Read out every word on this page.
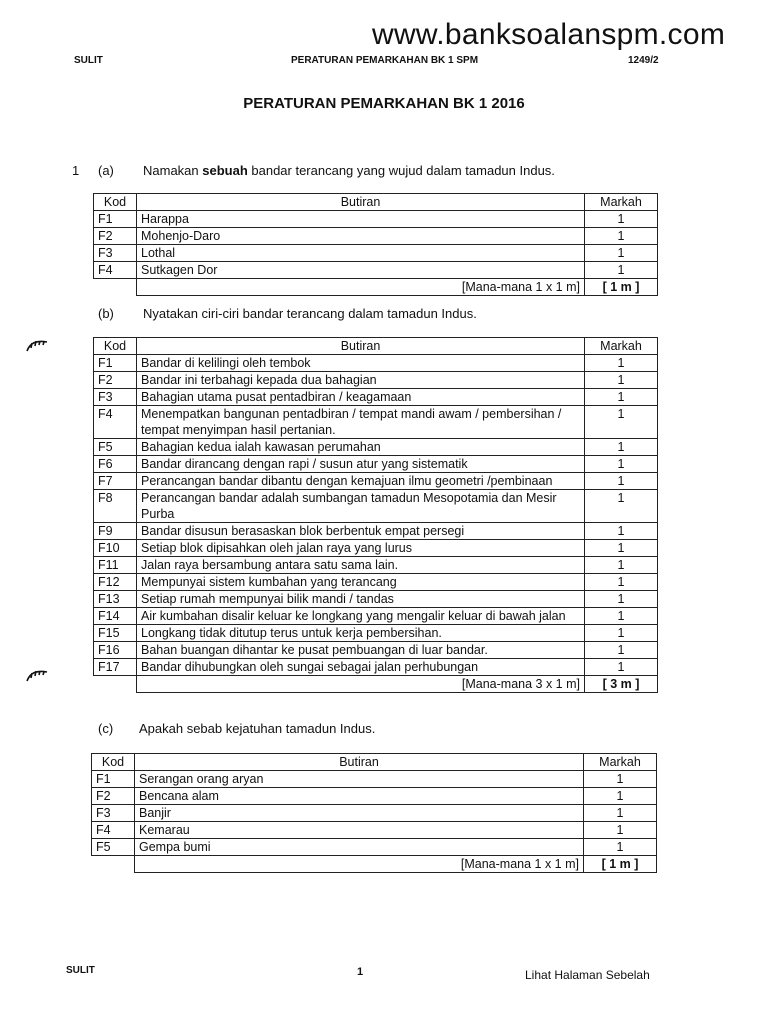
www.banksoalanspm.com
SULIT	PERATURAN PEMARKAHAN BK 1 SPM	1249/2
PERATURAN PEMARKAHAN BK 1 2016
1 (a) Namakan sebuah bandar terancang yang wujud dalam tamadun Indus.
Kod	Butiran	Markah
F1	Harappa	1
F2	Mohenjo-Daro	1
F3	Lothal	1
F4	Sutkagen Dor	1
	[Mana-mana 1 x 1 m]	[ 1 m ]
(b) Nyatakan ciri-ciri bandar terancang dalam tamadun Indus.
Kod	Butiran	Markah
F1	Bandar di kelilingi oleh tembok	1
F2	Bandar ini terbahagi kepada dua bahagian	1
F3	Bahagian utama pusat pentadbiran / keagamaan	1
F4	Menempatkan bangunan pentadbiran / tempat mandi awam / pembersihan / tempat menyimpan hasil pertanian.	1
F5	Bahagian kedua ialah kawasan perumahan	1
F6	Bandar dirancang dengan rapi / susun atur yang sistematik	1
F7	Perancangan bandar dibantu dengan kemajuan ilmu geometri /pembinaan	1
F8	Perancangan bandar adalah sumbangan tamadun Mesopotamia dan Mesir Purba	1
F9	Bandar disusun berasaskan blok berbentuk empat persegi	1
F10	Setiap blok dipisahkan oleh jalan raya yang lurus	1
F11	Jalan raya bersambung antara satu sama lain.	1
F12	Mempunyai sistem kumbahan yang terancang	1
F13	Setiap rumah mempunyai bilik mandi / tandas	1
F14	Air kumbahan disalir keluar ke longkang yang mengalir keluar di bawah jalan	1
F15	Longkang tidak ditutup terus untuk kerja pembersihan.	1
F16	Bahan buangan dihantar ke pusat pembuangan di luar bandar.	1
F17	Bandar dihubungkan oleh sungai sebagai jalan perhubungan	1
	[Mana-mana 3 x 1 m]	[ 3 m ]
(c) Apakah sebab kejatuhan tamadun Indus.
Kod	Butiran	Markah
F1	Serangan orang aryan	1
F2	Bencana alam	1
F3	Banjir	1
F4	Kemarau	1
F5	Gempa bumi	1
	[Mana-mana 1 x 1 m]	[ 1 m ]
SULIT	1	Lihat Halaman Sebelah
